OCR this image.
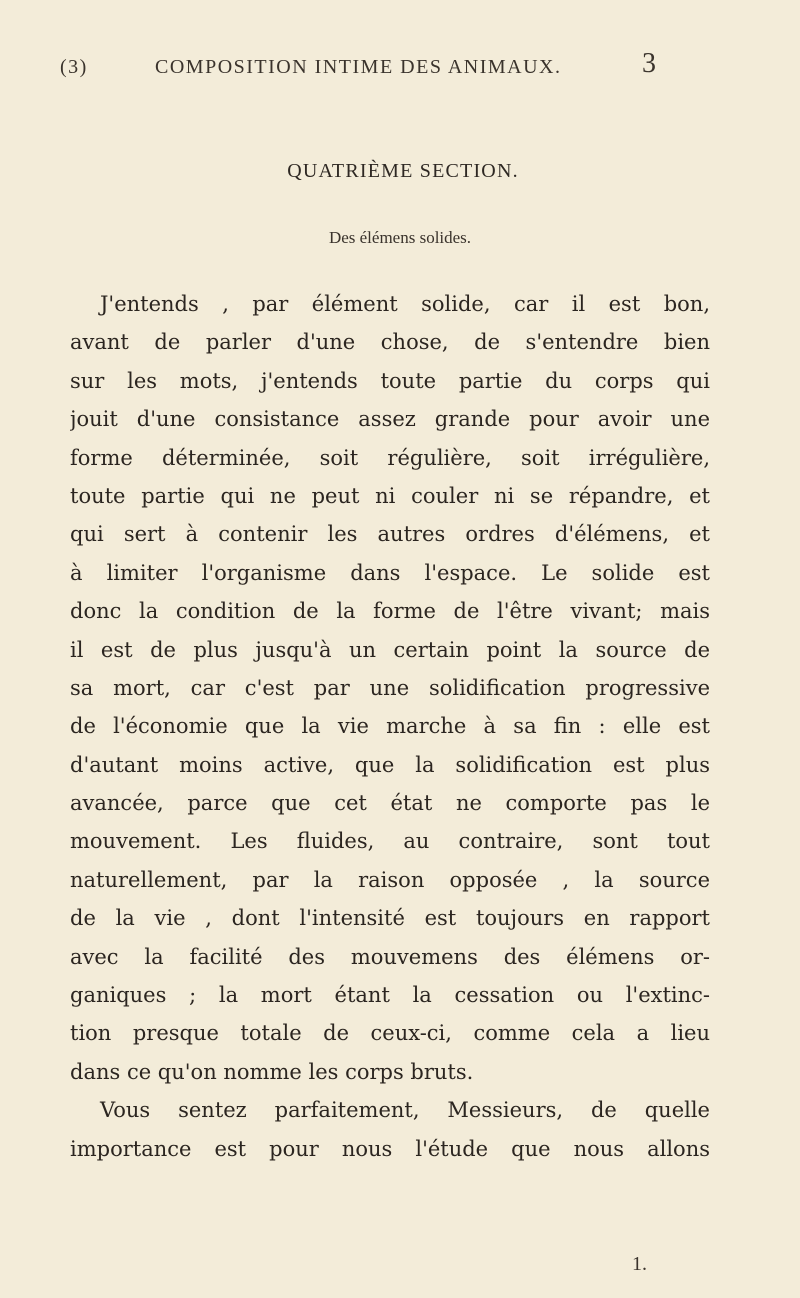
(3)	COMPOSITION INTIME DES ANIMAUX.	3
QUATRIÈME SECTION.
Des élémens solides.
J'entends , par élément solide, car il est bon,
avant de parler d'une chose, de s'entendre bien
sur les mots, j'entends toute partie du corps qui
jouit d'une consistance assez grande pour avoir une
forme déterminée, soit régulière, soit irrégulière,
toute partie qui ne peut ni couler ni se répandre, et
qui sert à contenir les autres ordres d'élémens, et
à limiter l'organisme dans l'espace. Le solide est
donc la condition de la forme de l'être vivant; mais
il est de plus jusqu'à un certain point la source de
sa mort, car c'est par une solidification progressive
de l'économie que la vie marche à sa fin : elle est
d'autant moins active, que la solidification est plus
avancée, parce que cet état ne comporte pas le
mouvement. Les fluides, au contraire, sont tout
naturellement, par la raison opposée , la source
de la vie , dont l'intensité est toujours en rapport
avec la facilité des mouvemens des élémens or-
ganiques ; la mort étant la cessation ou l'extinc-
tion presque totale de ceux-ci, comme cela a lieu
dans ce qu'on nomme les corps bruts.
Vous sentez parfaitement, Messieurs, de quelle
importance est pour nous l'étude que nous allons
1.
